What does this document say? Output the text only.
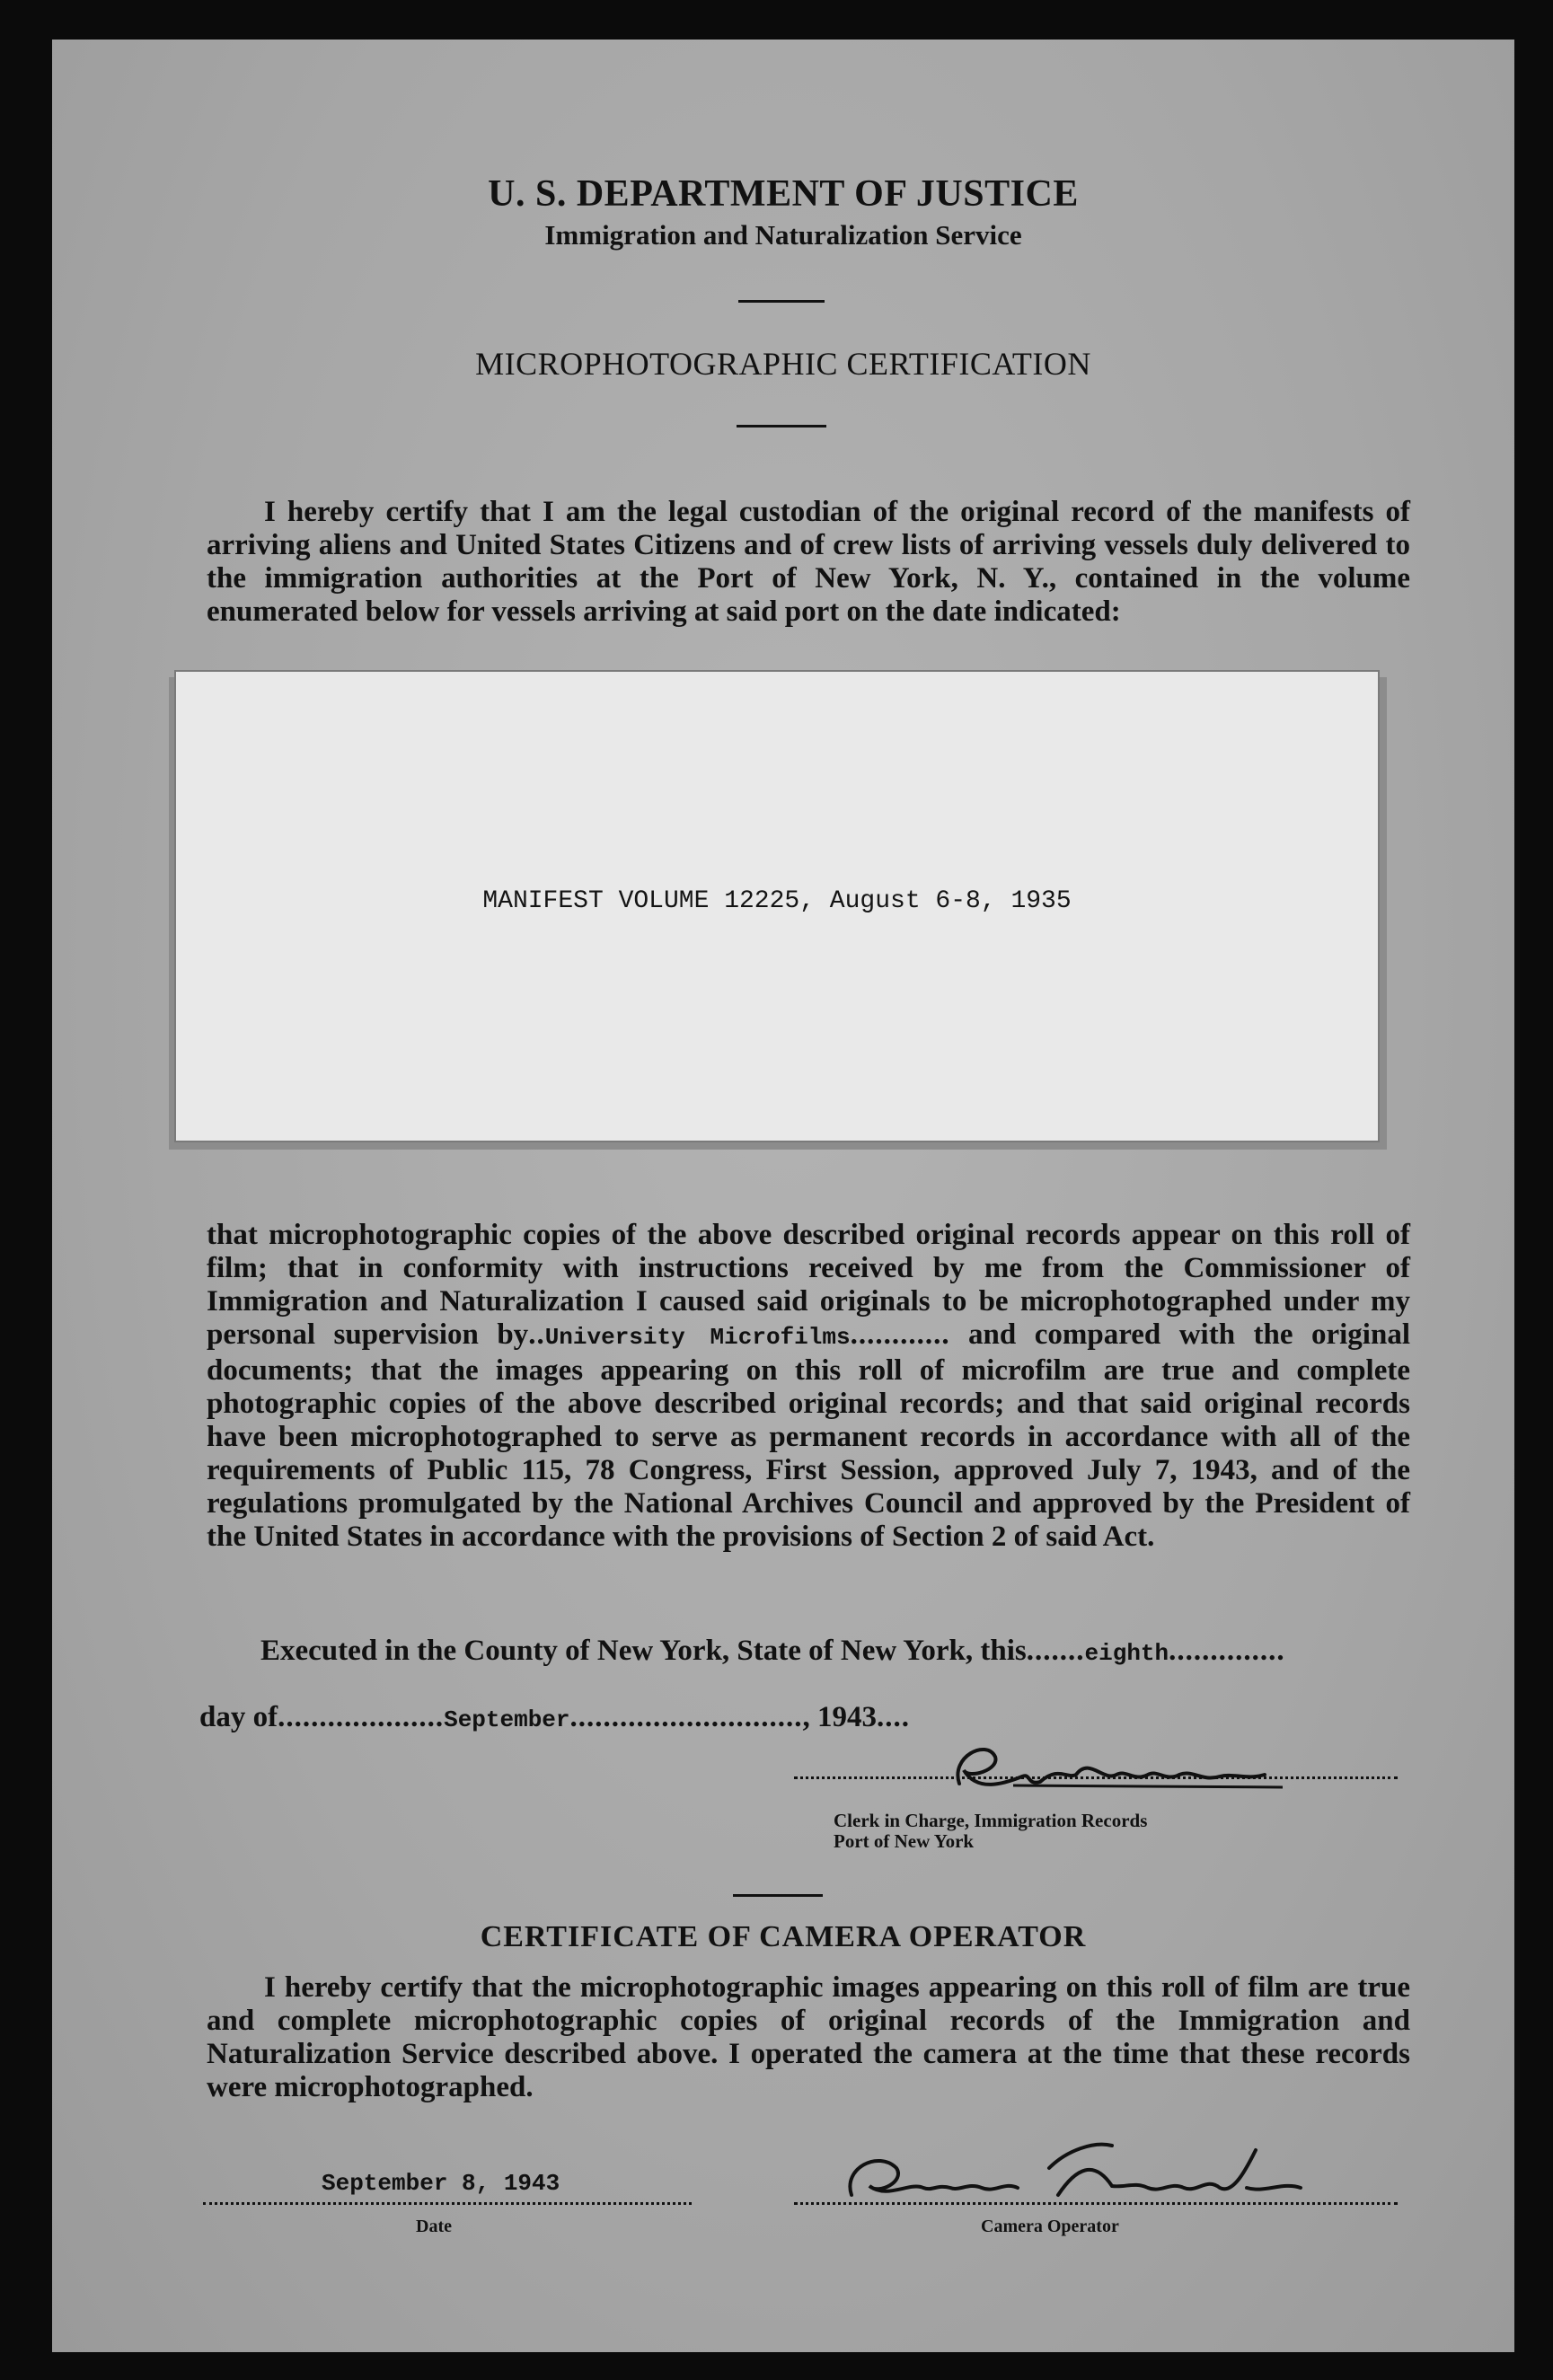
U. S. DEPARTMENT OF JUSTICE
Immigration and Naturalization Service
MICROPHOTOGRAPHIC CERTIFICATION
I hereby certify that I am the legal custodian of the original record of the manifests of arriving aliens and United States Citizens and of crew lists of arriving vessels duly delivered to the immigration authorities at the Port of New York, N. Y., contained in the volume enumerated below for vessels arriving at said port on the date indicated:
MANIFEST VOLUME 12225, August 6-8, 1935
that microphotographic copies of the above described original records appear on this roll of film; that in conformity with instructions received by me from the Commissioner of Immigration and Naturalization I caused said originals to be microphotographed under my personal supervision by..University Microfilms............ and compared with the original documents; that the images appearing on this roll of microfilm are true and complete photographic copies of the above described original records; and that said original records have been microphotographed to serve as permanent records in accordance with all of the requirements of Public 115, 78 Congress, First Session, approved July 7, 1943, and of the regulations promulgated by the National Archives Council and approved by the President of the United States in accordance with the provisions of Section 2 of said Act.
Executed in the County of New York, State of New York, this.......eighth..............
day of....................September............................, 1943....
Clerk in Charge, Immigration Records
Port of New York
CERTIFICATE OF CAMERA OPERATOR
I hereby certify that the microphotographic images appearing on this roll of film are true and complete microphotographic copies of original records of the Immigration and Naturalization Service described above. I operated the camera at the time that these records were microphotographed.
September 8, 1943
Date	Camera Operator
